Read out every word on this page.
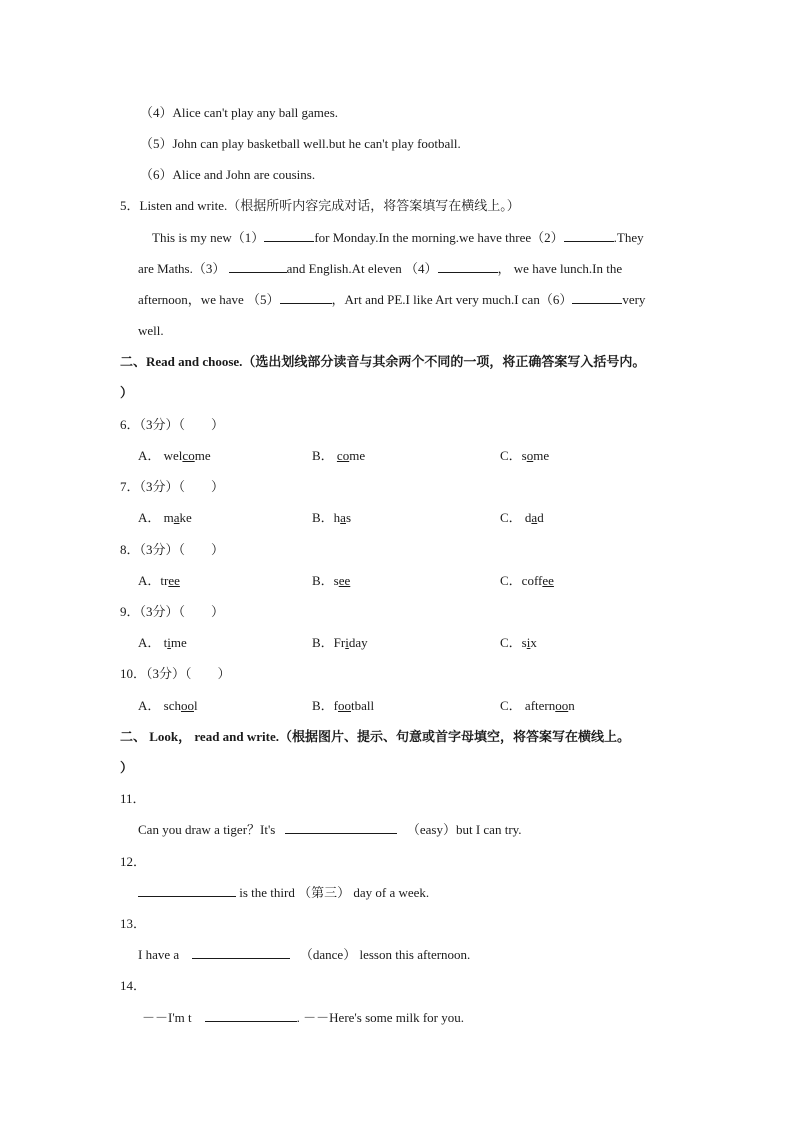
（4）Alice can't play any ball games.
（5）John can play basketball well.but he can't play football.
（6）Alice and John are cousins.
5．Listen and write.（根据所听内容完成对话，将答案填写在横线上。）
This is my new（1）	for Monday.In the morning.we have three（2）	.They
are Maths.（3）	and English.At eleven （4）	， we have lunch.In the
afternoon，we have （5）	，Art and PE.I like Art very much.I can（6）	very
well.
二、Read and choose.（选出划线部分读音与其余两个不同的一项，将正确答案写入括号内。
）
6．（3分）（　　）
A． welcome	B． come	C．some
7．（3分）（　　）
A． make	B．has	C． dad
8．（3分）（　　）
A．tree	B．see	C．coffee
9．（3分）（　　）
A． time	B．Friday	C．six
10．（3分）（　　）
A． school	B．football	C． afternoon
二、 Look， read and write.（根据图片、提示、句意或首字母填空，将答案写在横线上。
）
11．
Can you draw a tiger？It's	（easy）but I can try.
12．
is the third （第三） day of a week.
13．
I have a	（dance） lesson this afternoon.
14．
－－I'm t	. －－Here's some milk for you.
